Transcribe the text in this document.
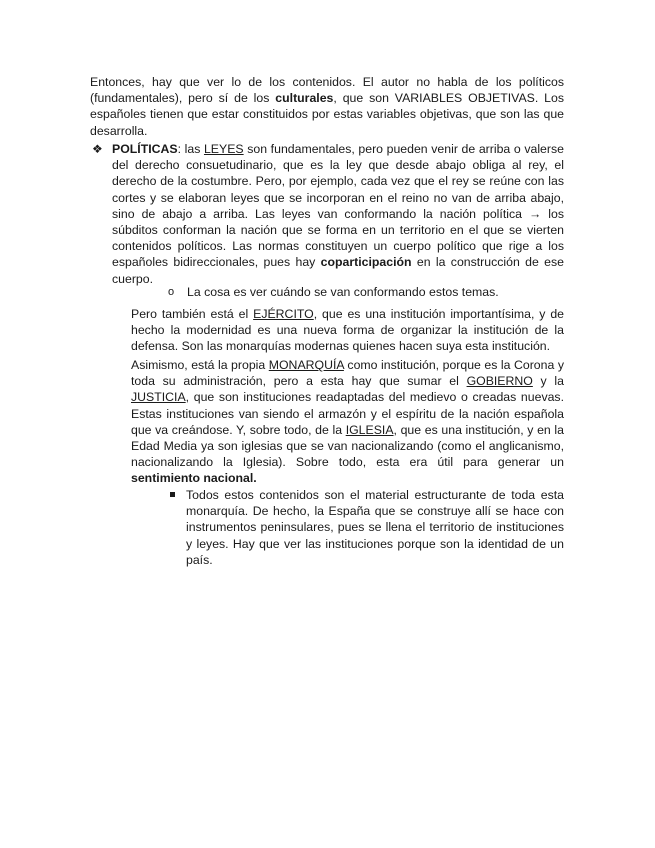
Entonces, hay que ver lo de los contenidos. El autor no habla de los políticos (fundamentales), pero sí de los culturales, que son VARIABLES OBJETIVAS. Los españoles tienen que estar constituidos por estas variables objetivas, que son las que desarrolla.

❖ POLÍTICAS: las LEYES son fundamentales, pero pueden venir de arriba o valerse del derecho consuetudinario, que es la ley que desde abajo obliga al rey, el derecho de la costumbre. Pero, por ejemplo, cada vez que el rey se reúne con las cortes y se elaboran leyes que se incorporan en el reino no van de arriba abajo, sino de abajo a arriba. Las leyes van conformando la nación política → los súbditos conforman la nación que se forma en un territorio en el que se vierten contenidos políticos. Las normas constituyen un cuerpo político que rige a los españoles bidireccionales, pues hay coparticipación en la construcción de ese cuerpo.

o La cosa es ver cuándo se van conformando estos temas.

Pero también está el EJÉRCITO, que es una institución importantísima, y de hecho la modernidad es una nueva forma de organizar la institución de la defensa. Son las monarquías modernas quienes hacen suya esta institución.

Asimismo, está la propia MONARQUÍA como institución, porque es la Corona y toda su administración, pero a esta hay que sumar el GOBIERNO y la JUSTICIA, que son instituciones readaptadas del medievo o creadas nuevas. Estas instituciones van siendo el armazón y el espíritu de la nación española que va creándose. Y, sobre todo, de la IGLESIA, que es una institución, y en la Edad Media ya son iglesias que se van nacionalizando (como el anglicanismo, nacionalizando la Iglesia). Sobre todo, esta era útil para generar un sentimiento nacional.

Todos estos contenidos son el material estructurante de toda esta monarquía. De hecho, la España que se construye allí se hace con instrumentos peninsulares, pues se llena el territorio de instituciones y leyes. Hay que ver las instituciones porque son la identidad de un país.
